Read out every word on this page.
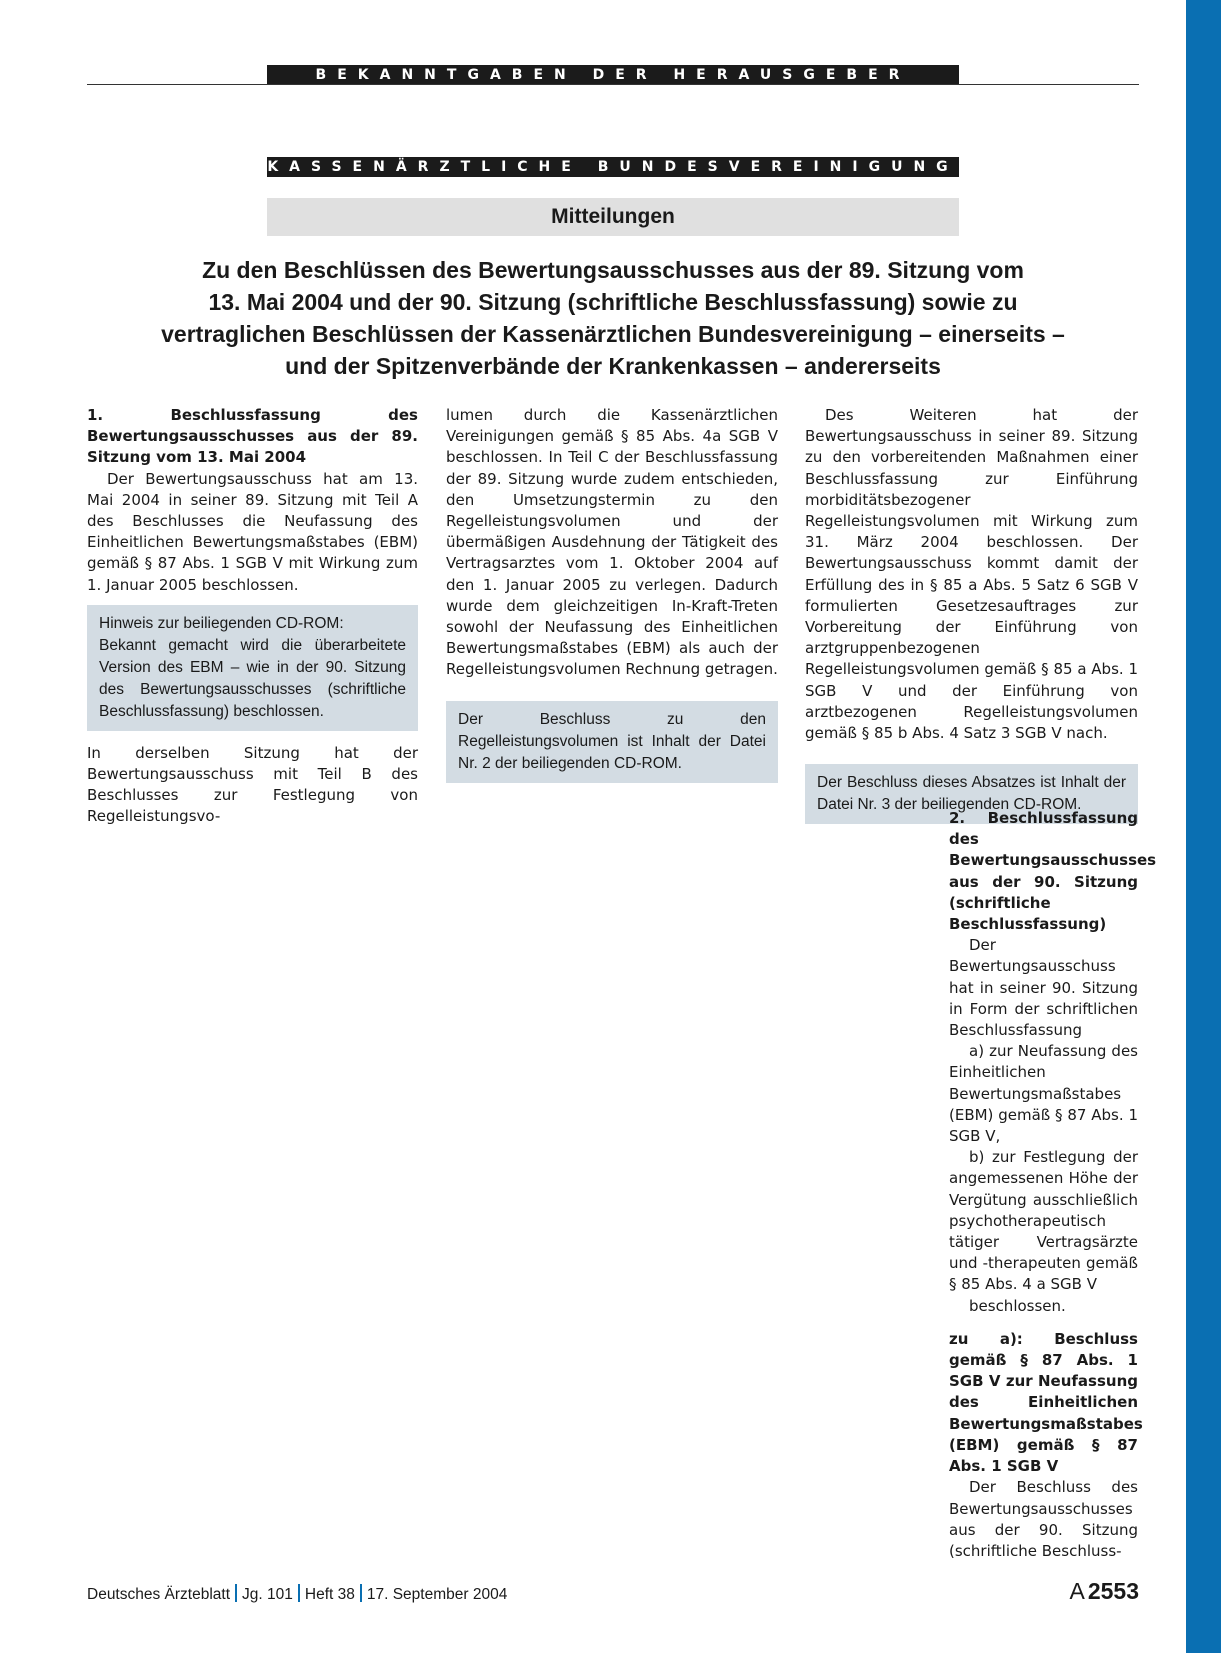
BEKANNTGABEN DER HERAUSGEBER
KASSENÄRZTLICHE BUNDESVEREINIGUNG
Mitteilungen
Zu den Beschlüssen des Bewertungsausschusses aus der 89. Sitzung vom
13. Mai 2004 und der 90. Sitzung (schriftliche Beschlussfassung) sowie zu
vertraglichen Beschlüssen der Kassenärztlichen Bundesvereinigung – einerseits –
und der Spitzenverbände der Krankenkassen – andererseits

1. Beschlussfassung des Bewertungsausschusses aus der 89. Sitzung vom 13. Mai 2004

Der Bewertungsausschuss hat am 13. Mai 2004 in seiner 89. Sitzung mit Teil A des Beschlusses die Neufassung des Einheitlichen Bewertungsmaßstabes (EBM) gemäß § 87 Abs. 1 SGB V mit Wirkung zum 1. Januar 2005 beschlossen.

Hinweis zur beiliegenden CD-ROM:
Bekannt gemacht wird die überarbeitete Version des EBM – wie in der 90. Sitzung des Bewertungsausschusses (schriftliche Beschlussfassung) beschlossen.

In derselben Sitzung hat der Bewertungsausschuss mit Teil B des Beschlusses zur Festlegung von Regelleistungsvo-

lumen durch die Kassenärztlichen Vereinigungen gemäß § 85 Abs. 4a SGB V beschlossen. In Teil C der Beschlussfassung der 89. Sitzung wurde zudem entschieden, den Umsetzungstermin zu den Regelleistungsvolumen und der übermäßigen Ausdehnung der Tätigkeit des Vertragsarztes vom 1. Oktober 2004 auf den 1. Januar 2005 zu verlegen. Dadurch wurde dem gleichzeitigen In-Kraft-Treten sowohl der Neufassung des Einheitlichen Bewertungsmaßstabes (EBM) als auch der Regelleistungsvolumen Rechnung getragen.

Der Beschluss zu den Regelleistungsvolumen ist Inhalt der Datei Nr. 2 der beiliegenden CD-ROM.

Des Weiteren hat der Bewertungsausschuss in seiner 89. Sitzung zu den vorbereitenden Maßnahmen einer Beschlussfassung zur Einführung morbiditätsbezogener Regelleistungsvolumen mit Wirkung zum 31. März 2004 beschlossen. Der Bewertungsausschuss kommt damit der Erfüllung des in § 85 a Abs. 5 Satz 6 SGB V formulierten Gesetzesauftrages zur Vorbereitung der Einführung von arztgruppenbezogenen Regelleistungsvolumen gemäß § 85 a Abs. 1 SGB V und der Einführung von arztbezogenen Regelleistungsvolumen gemäß § 85 b Abs. 4 Satz 3 SGB V nach.

Der Beschluss dieses Absatzes ist Inhalt der Datei Nr. 3 der beiliegenden CD-ROM.

2. Beschlussfassung des Bewertungsausschusses aus der 90. Sitzung (schriftliche Beschlussfassung)

Der Bewertungsausschuss hat in seiner 90. Sitzung in Form der schriftlichen Beschlussfassung

a) zur Neufassung des Einheitlichen Bewertungsmaßstabes (EBM) gemäß § 87 Abs. 1 SGB V,

b) zur Festlegung der angemessenen Höhe der Vergütung ausschließlich psychotherapeutisch tätiger Vertragsärzte und -therapeuten gemäß § 85 Abs. 4 a SGB V

beschlossen.

zu a): Beschluss gemäß § 87 Abs. 1 SGB V zur Neufassung des Einheitlichen Bewertungsmaßstabes (EBM) gemäß § 87 Abs. 1 SGB V

Der Beschluss des Bewertungsausschusses aus der 90. Sitzung (schriftliche Beschluss-

Deutsches Ärzteblatt Jg. 101 Heft 38 17. September 2004	A 2553
